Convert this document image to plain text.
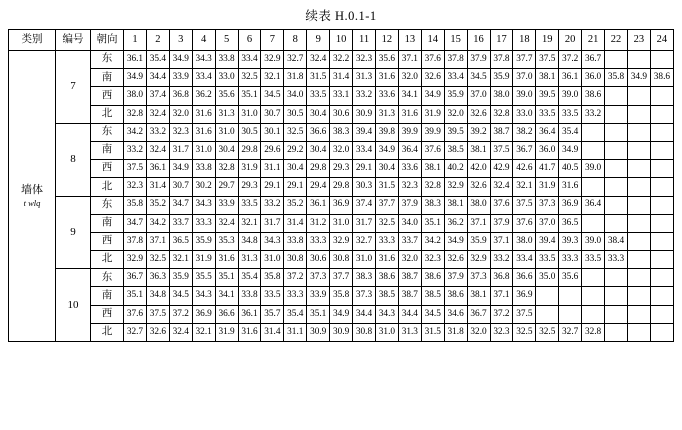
续表 H.0.1-1
类别	编号	朝向	1	2	3	4	5	6	7	8	9	10	11	12	13	14	15	16	17	18	19	20	21	22	23	24

墙体
t wlq	7	东	36.1	35.4	34.9	34.3	33.8	33.4	32.9	32.7	32.4	32.2	32.3	35.6	37.1	37.6	37.8	37.9	37.8	37.7	37.5	37.2	36.7			
		南	34.9	34.4	33.9	33.4	33.0	32.5	32.1	31.8	31.5	31.4	31.3	31.6	32.0	32.6	33.4	34.5	35.9	37.0	38.1	36.1	36.0	35.8	34.9	38.6
		西	38.0	37.4	36.8	36.2	35.6	35.1	34.5	34.0	33.5	33.1	33.2	33.6	34.1	34.9	35.9	37.0	38.0	39.0	39.5	39.0	38.6			
		北	32.8	32.4	32.0	31.6	31.3	31.0	30.7	30.5	30.4	30.6	30.9	31.3	31.6	31.9	32.0	32.6	32.8	33.0	33.5	33.5	33.2			
	8	东	34.2	33.2	32.3	31.6	31.0	30.5	30.1	32.5	36.6	38.3	39.4	39.8	39.9	39.9	39.5	39.2	38.7	38.2	36.4	35.4				
		南	33.2	32.4	31.7	31.0	30.4	29.8	29.6	29.2	30.4	32.0	33.4	34.9	36.4	37.6	38.5	38.1	37.5	36.7	36.0	34.9				
		西	37.5	36.1	34.9	33.8	32.8	31.9	31.1	30.4	29.8	29.3	29.1	30.4	33.6	38.1	40.2	42.0	42.9	42.6	41.7	40.5	39.0			
		北	32.3	31.4	30.7	30.2	29.7	29.3	29.1	29.1	29.4	29.8	30.3	31.5	32.3	32.8	32.9	32.6	32.4	32.1	31.9	31.6				
	9	东	35.8	35.2	34.7	34.3	33.9	33.5	33.2	35.2	36.1	36.9	37.4	37.7	37.9	38.3	38.1	38.0	37.6	37.5	37.3	36.9	36.4			
		南	34.7	34.2	33.7	33.3	32.4	32.1	31.7	31.4	31.2	31.0	31.7	32.5	34.0	35.1	36.2	37.1	37.9	37.6	37.0	36.5				
		西	37.8	37.1	36.5	35.9	35.3	34.8	34.3	33.8	33.3	32.9	32.7	33.3	33.7	34.2	34.9	35.9	37.1	38.0	39.4	39.3	39.0	38.4		
		北	32.9	32.5	32.1	31.9	31.6	31.3	31.0	30.8	30.6	30.8	31.0	31.6	32.0	32.3	32.6	32.9	33.2	33.4	33.5	33.3	33.5	33.3		
	10	东	36.7	36.3	35.9	35.5	35.1	35.4	35.8	37.2	37.3	37.7	38.3	38.6	38.7	38.6	37.9	37.3	36.8	36.6	35.0	35.6				
		南	35.1	34.8	34.5	34.3	34.1	33.8	33.5	33.3	33.9	35.8	37.3	38.5	38.7	38.5	38.6	38.1	37.1	36.9						
		西	37.6	37.5	37.2	36.9	36.6	36.1	35.7	35.4	35.1	34.9	34.4	34.3	34.4	34.5	34.6	36.7	37.2	37.5						
		北	32.7	32.6	32.4	32.1	31.9	31.6	31.4	31.1	30.9	30.9	30.8	31.0	31.3	31.5	31.8	32.0	32.3	32.5	32.5	32.7	32.8			
